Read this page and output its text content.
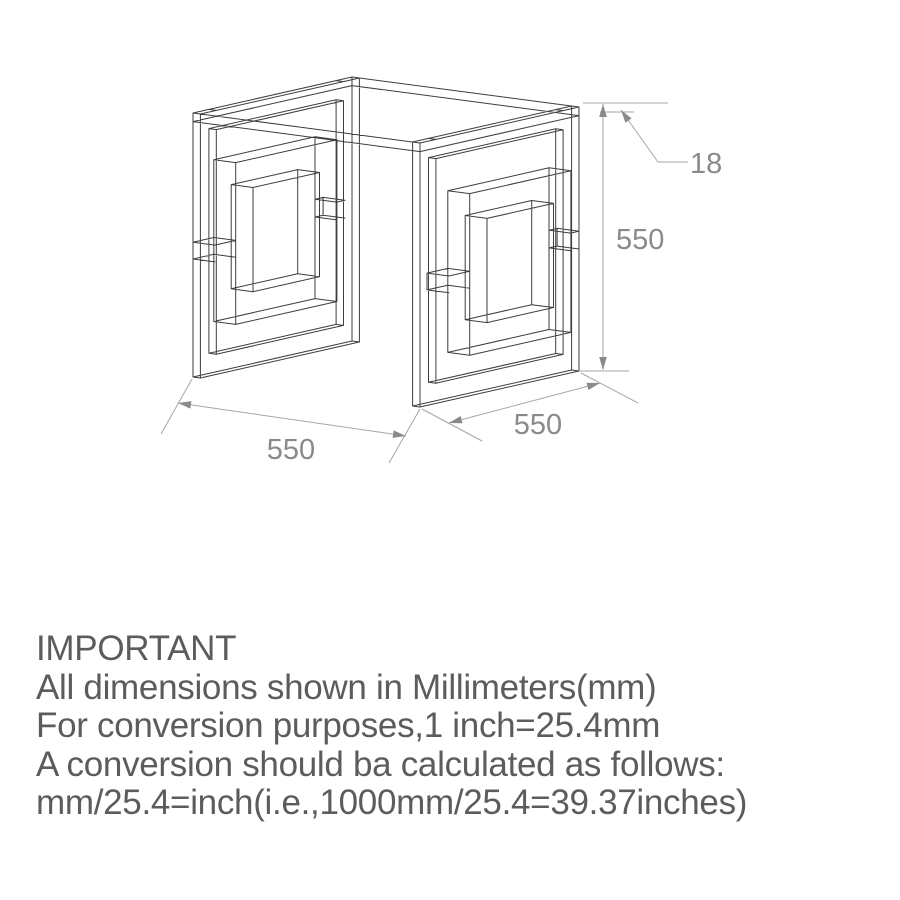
18
550
550
550
IMPORTANT
All dimensions shown in Millimeters(mm)
For conversion purposes,1 inch=25.4mm
A conversion should ba calculated as follows:
mm/25.4=inch(i.e.,1000mm/25.4=39.37inches)
